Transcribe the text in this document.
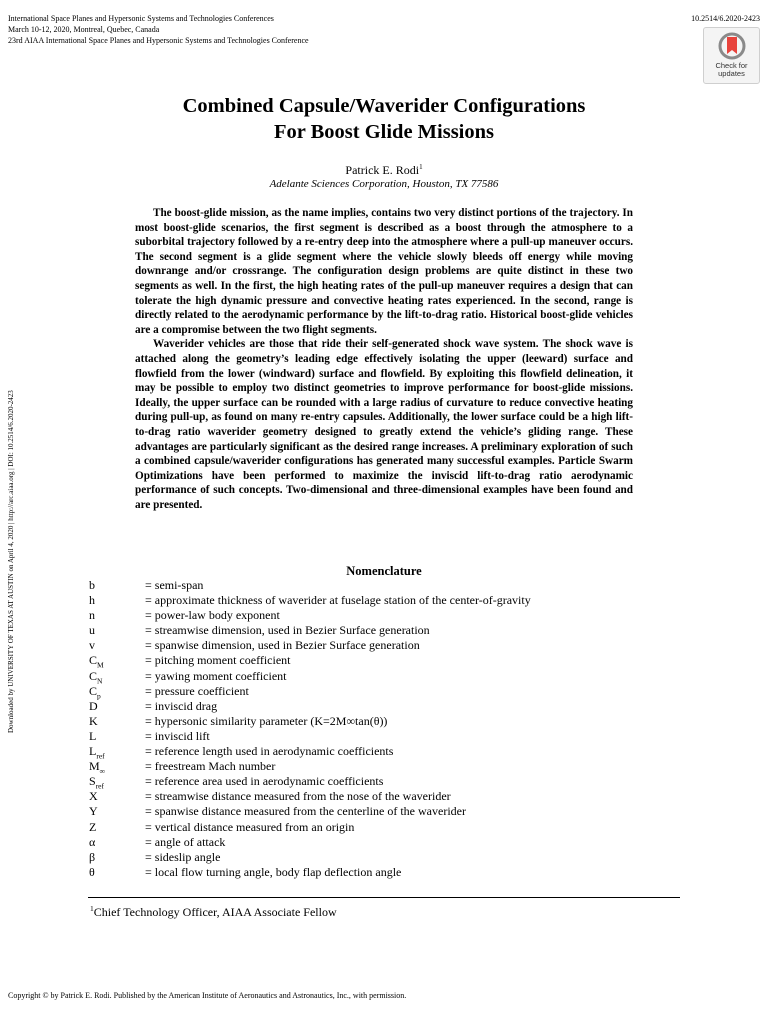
International Space Planes and Hypersonic Systems and Technologies Conferences
March 10-12, 2020, Montreal, Quebec, Canada
23rd AIAA International Space Planes and Hypersonic Systems and Technologies Conference
10.2514/6.2020-2423
Check for
updates
Downloaded by UNIVERSITY OF TEXAS AT AUSTIN on April 4, 2020 | http://arc.aiaa.org | DOI: 10.2514/6.2020-2423
Combined Capsule/Waverider Configurations
For Boost Glide Missions
Patrick E. Rodi$^1$
Adelante Sciences Corporation, Houston, TX 77586

The boost-glide mission, as the name implies, contains two very distinct portions of the trajectory. In most boost-glide scenarios, the first segment is described as a boost through the atmosphere to a suborbital trajectory followed by a re-entry deep into the atmosphere where a pull-up maneuver occurs. The second segment is a glide segment where the vehicle slowly bleeds off energy while moving downrange and/or crossrange. The configuration design problems are quite distinct in these two segments as well. In the first, the high heating rates of the pull-up maneuver requires a design that can tolerate the high dynamic pressure and convective heating rates experienced. In the second, range is directly related to the aerodynamic performance by the lift-to-drag ratio. Historical boost-glide vehicles are a compromise between the two flight segments.

Waverider vehicles are those that ride their self-generated shock wave system. The shock wave is attached along the geometry’s leading edge effectively isolating the upper (leeward) surface and flowfield from the lower (windward) surface and flowfield. By exploiting this flowfield delineation, it may be possible to employ two distinct geometries to improve performance for boost-glide missions. Ideally, the upper surface can be rounded with a large radius of curvature to reduce convective heating during pull-up, as found on many re-entry capsules. Additionally, the lower surface could be a high lift-to-drag ratio waverider geometry designed to greatly extend the vehicle’s gliding range. These advantages are particularly significant as the desired range increases. A preliminary exploration of such a combined capsule/waverider configurations has generated many successful examples. Particle Swarm Optimizations have been performed to maximize the inviscid lift-to-drag ratio aerodynamic performance of such concepts. Two-dimensional and three-dimensional examples have been found and are presented.

Nomenclature
b	= semi-span
h	= approximate thickness of waverider at fuselage station of the center-of-gravity
n	= power-law body exponent
u	= streamwise dimension, used in Bezier Surface generation
v	= spanwise dimension, used in Bezier Surface generation
$C_M$	= pitching moment coefficient
$C_N$	= yawing moment coefficient
$C_p$	= pressure coefficient
D	= inviscid drag
K	= hypersonic similarity parameter (K=2M∞tan(θ))
L	= inviscid lift
$L_{ref}$	= reference length used in aerodynamic coefficients
$M_\infty$	= freestream Mach number
$S_{ref}$	= reference area used in aerodynamic coefficients
X	= streamwise distance measured from the nose of the waverider
Y	= spanwise distance measured from the centerline of the waverider
Z	= vertical distance measured from an origin
α	= angle of attack
β	= sideslip angle
θ	= local flow turning angle, body flap deflection angle
$^1$Chief Technology Officer, AIAA Associate Fellow
Copyright © by Patrick E. Rodi. Published by the American Institute of Aeronautics and Astronautics, Inc., with permission.
